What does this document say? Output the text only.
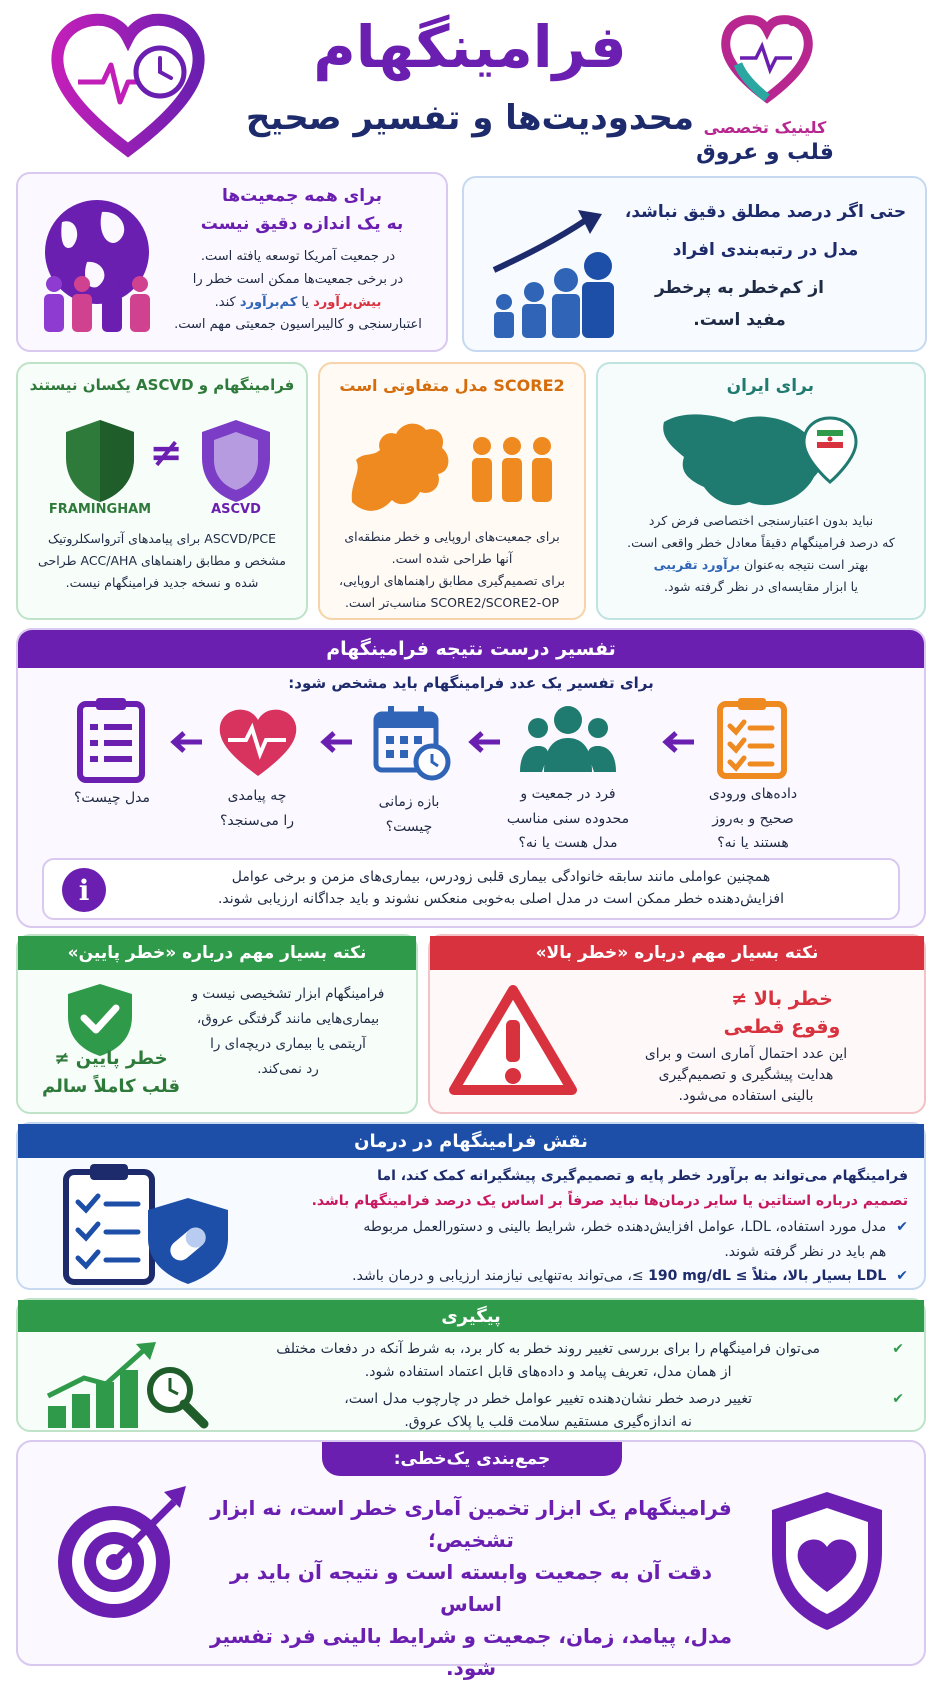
فرامینگهام
محدودیت‌ها و تفسیر صحیح کلینیک تخصصی
قلب و عروق
حتی اگر درصد مطلق دقیق نباشد،
مدل در رتبه‌بندی افراد
از کم‌خطر به پرخطر
مفید است.
برای همه جمعیت‌ها
به یک اندازه دقیق نیست
در جمعیت آمریکا توسعه یافته است.
در برخی جمعیت‌ها ممکن است خطر را
بیش‌برآورد یا کم‌برآورد کند.
اعتبارسنجی و کالیبراسیون جمعیتی مهم است.
برای ایران
نباید بدون اعتبارسنجی اختصاصی فرض کرد
که درصد فرامینگهام دقیقاً معادل خطر واقعی است.
بهتر است نتیجه به‌عنوان برآورد تقریبی
یا ابزار مقایسه‌ای در نظر گرفته شود.
SCORE2 مدل متفاوتی است
برای جمعیت‌های اروپایی و خطر منطقه‌ای
آنها طراحی شده است.
برای تصمیم‌گیری مطابق راهنماهای اروپایی،
SCORE2/SCORE2-OP مناسب‌تر است.
فرامینگهام و ASCVD یکسان نیستند
≠
FRAMINGHAM	ASCVD
ASCVD/PCE برای پیامدهای آترواسکلروتیک
مشخص و مطابق راهنماهای ACC/AHA طراحی
شده و نسخه جدید فرامینگهام نیست.
تفسیر درست نتیجه فرامینگهام
برای تفسیر یک عدد فرامینگهام باید مشخص شود:
داده‌های ورودی
صحیح و به‌روز
هستند یا نه؟
فرد در جمعیت و
محدوده سنی مناسب
مدل هست یا نه؟
بازه زمانی
چیست؟
چه پیامدی
را می‌سنجد؟
مدل چیست؟
i	همچنین عواملی مانند سابقه خانوادگی بیماری قلبی زودرس، بیماری‌های مزمن و برخی عوامل
افزایش‌دهنده خطر ممکن است در مدل اصلی به‌خوبی منعکس نشوند و باید جداگانه ارزیابی شوند.
نکته بسیار مهم درباره «خطر بالا»
خطر بالا ≠
وقوع قطعی
این عدد احتمال آماری است و برای
هدایت پیشگیری و تصمیم‌گیری
بالینی استفاده می‌شود.
نکته بسیار مهم درباره «خطر پایین»
فرامینگهام ابزار تشخیصی نیست و
بیماری‌هایی مانند گرفتگی عروق،
آریتمی یا بیماری دریچه‌ای را
رد نمی‌کند.
خطر پایین ≠
قلب کاملاً سالم
نقش فرامینگهام در درمان
فرامینگهام می‌تواند به برآورد خطر پایه و تصمیم‌گیری پیشگیرانه کمک کند، اما
تصمیم درباره استاتین یا سایر درمان‌ها نباید صرفاً بر اساس یک درصد فرامینگهام باشد.
✔
مدل مورد استفاده، LDL، عوامل افزایش‌دهنده خطر، شرایط بالینی و دستورالعمل مربوطه
هم باید در نظر گرفته شوند.
✔
LDL بسیار بالا، مثلاً ≥ 190 mg/dL ≥، می‌تواند به‌تنهایی نیازمند ارزیابی و درمان باشد.
پیگیری
✔
می‌توان فرامینگهام را برای بررسی تغییر روند خطر به کار برد، به شرط آنکه در دفعات مختلف
از همان مدل، تعریف پیامد و داده‌های قابل اعتماد استفاده شود.
✔
تغییر درصد خطر نشان‌دهنده تغییر عوامل خطر در چارچوب مدل است،
نه اندازه‌گیری مستقیم سلامت قلب یا پلاک عروق.
جمع‌بندی یک‌خطی:
فرامینگهام یک ابزار تخمین آماری خطر است، نه ابزار تشخیص؛
دقت آن به جمعیت وابسته است و نتیجه آن باید بر اساس
مدل، پیامد، زمان، جمعیت و شرایط بالینی فرد تفسیر شود.
